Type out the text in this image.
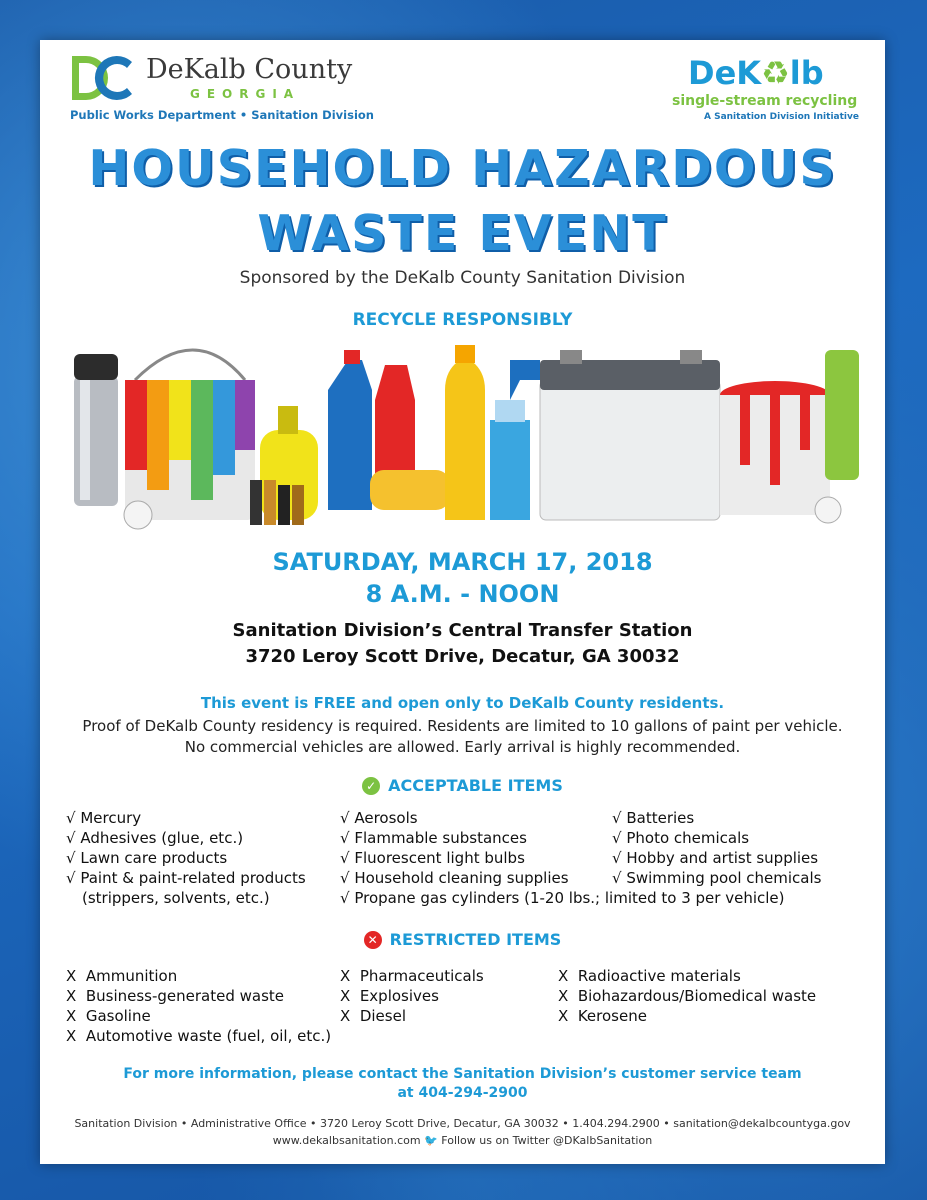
DeKalb County
GEORGIA
Public Works Department • Sanitation Division
DeK♻lb
single-stream recycling
A Sanitation Division Initiative
HOUSEHOLD HAZARDOUS
WASTE EVENT
Sponsored by the DeKalb County Sanitation Division
RECYCLE RESPONSIBLY
SATURDAY, MARCH 17, 2018
8 A.M. - NOON
Sanitation Division’s Central Transfer Station
3720 Leroy Scott Drive, Decatur, GA 30032
This event is FREE and open only to DeKalb County residents.
Proof of DeKalb County residency is required. Residents are limited to 10 gallons of paint per vehicle. No commercial vehicles are allowed. Early arrival is highly recommended.
✓ ACCEPTABLE ITEMS
√ Mercury
√ Adhesives (glue, etc.)
√ Lawn care products
√ Paint & paint-related products
(strippers, solvents, etc.)
√ Aerosols
√ Flammable substances
√ Fluorescent light bulbs
√ Household cleaning supplies
√ Propane gas cylinders (1-20 lbs.; limited to 3 per vehicle)
√ Batteries
√ Photo chemicals
√ Hobby and artist supplies
√ Swimming pool chemicals
✕ RESTRICTED ITEMS
X Ammunition
X Business-generated waste
X Gasoline
X Automotive waste (fuel, oil, etc.)
X Pharmaceuticals
X Explosives
X Diesel
X Radioactive materials
X Biohazardous/Biomedical waste
X Kerosene
For more information, please contact the Sanitation Division’s customer service team
at 404-294-2900
Sanitation Division • Administrative Office • 3720 Leroy Scott Drive, Decatur, GA 30032 • 1.404.294.2900 • sanitation@dekalbcountyga.gov
www.dekalbsanitation.com 🐦 Follow us on Twitter @DKalbSanitation
